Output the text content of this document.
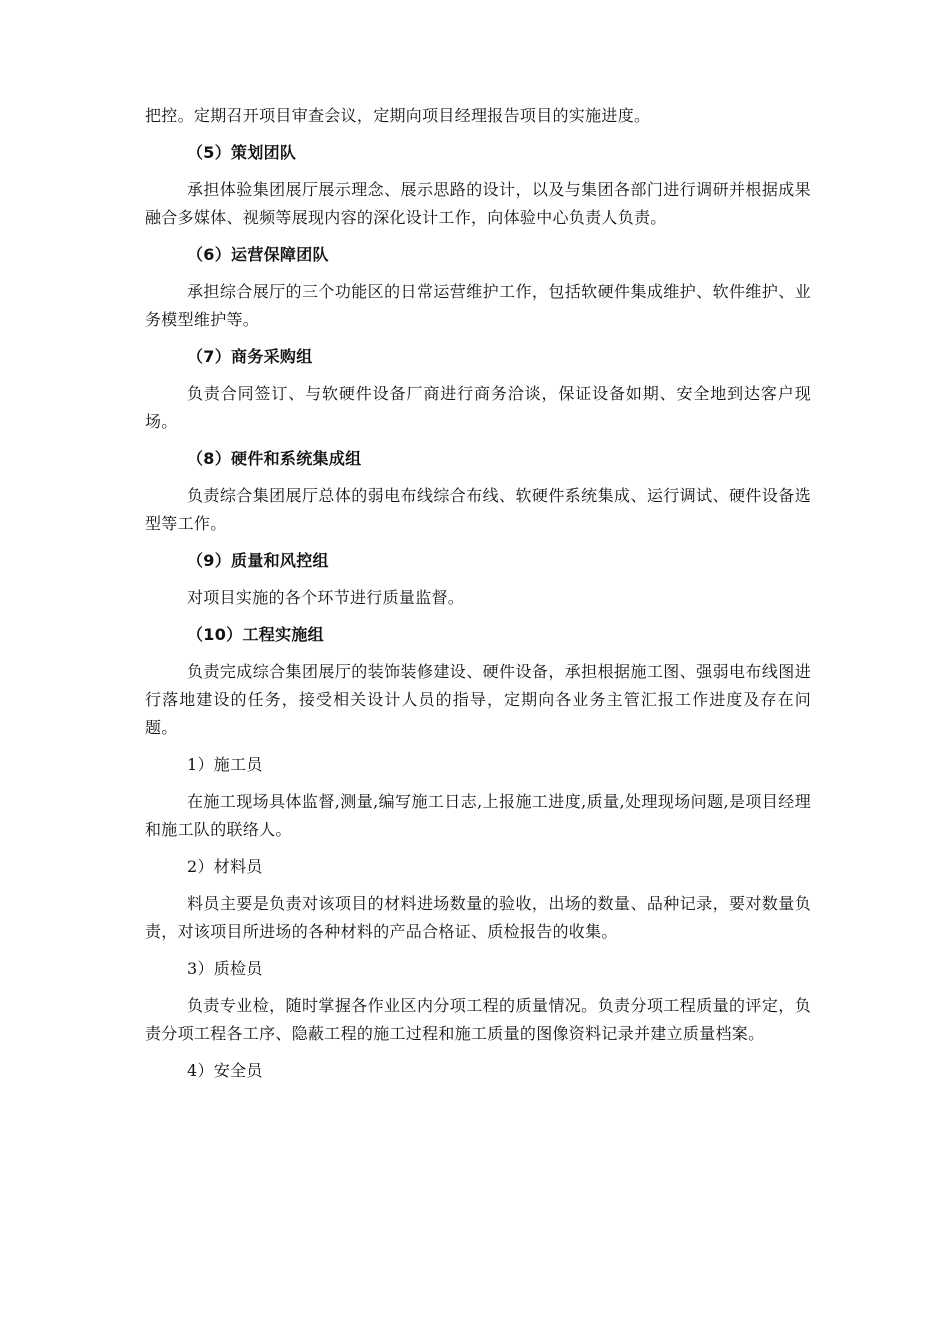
把控。定期召开项目审查会议，定期向项目经理报告项目的实施进度。

（5）策划团队

承担体验集团展厅展示理念、展示思路的设计，以及与集团各部门进行调研并根据成果融合多媒体、视频等展现内容的深化设计工作，向体验中心负责人负责。

（6）运营保障团队

承担综合展厅的三个功能区的日常运营维护工作，包括软硬件集成维护、软件维护、业务模型维护等。

（7）商务采购组

负责合同签订、与软硬件设备厂商进行商务洽谈，保证设备如期、安全地到达客户现场。

（8）硬件和系统集成组

负责综合集团展厅总体的弱电布线综合布线、软硬件系统集成、运行调试、硬件设备选型等工作。

（9）质量和风控组

对项目实施的各个环节进行质量监督。

（10）工程实施组

负责完成综合集团展厅的装饰装修建设、硬件设备，承担根据施工图、强弱电布线图进行落地建设的任务，接受相关设计人员的指导，定期向各业务主管汇报工作进度及存在问题。

1）施工员

在施工现场具体监督,测量,编写施工日志,上报施工进度,质量,处理现场问题,是项目经理和施工队的联络人。

2）材料员

料员主要是负责对该项目的材料进场数量的验收，出场的数量、品种记录，要对数量负责，对该项目所进场的各种材料的产品合格证、质检报告的收集。

3）质检员

负责专业检，随时掌握各作业区内分项工程的质量情况。负责分项工程质量的评定，负责分项工程各工序、隐蔽工程的施工过程和施工质量的图像资料记录并建立质量档案。

4）安全员
